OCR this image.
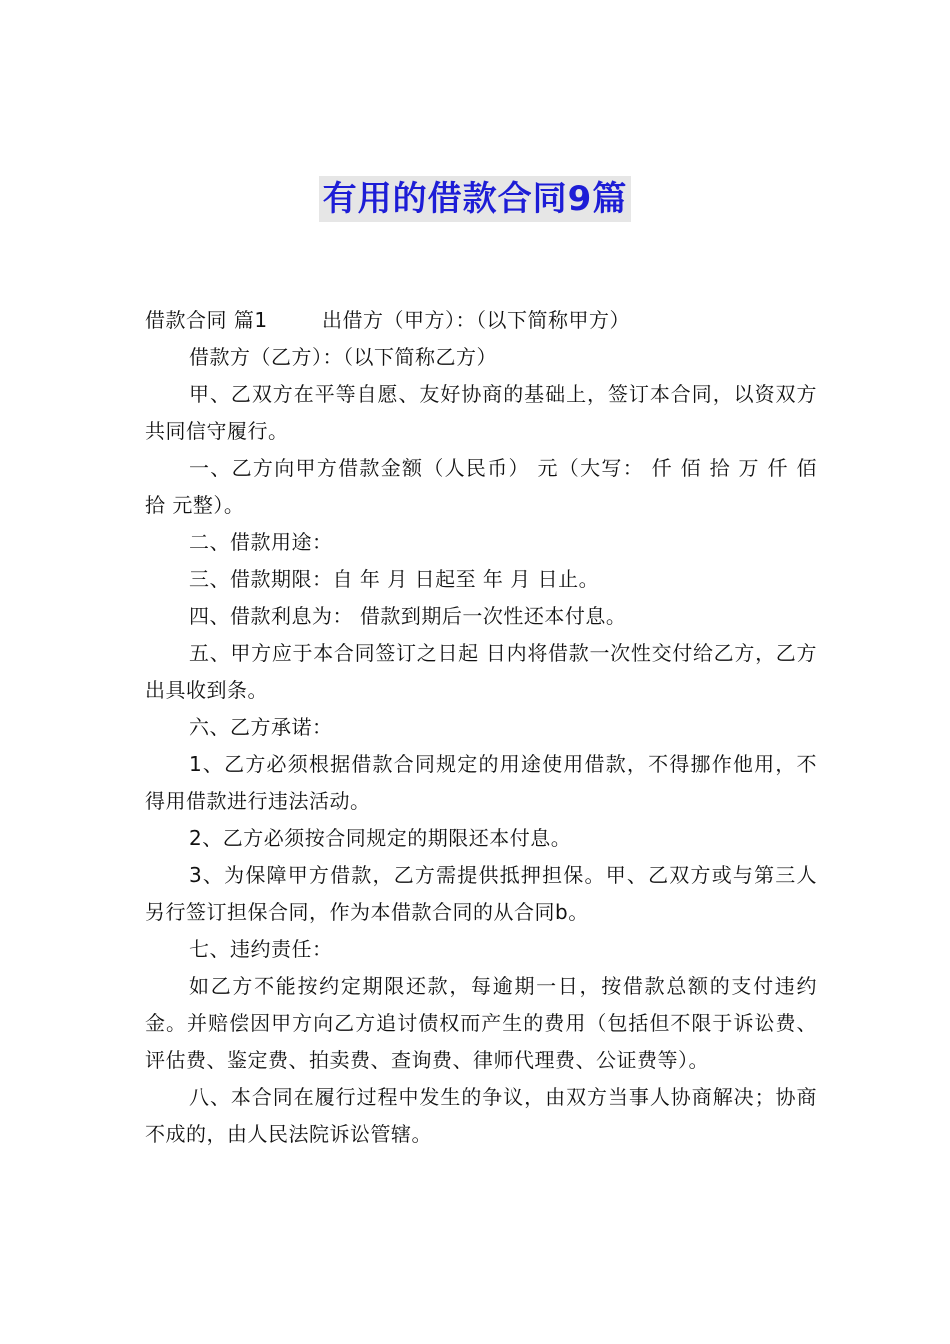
有用的借款合同9篇
借款合同 篇1	出借方（甲方）：（以下简称甲方）

借款方（乙方）：（以下简称乙方）

甲、乙双方在平等自愿、友好协商的基础上，签订本合同，以资双方共同信守履行。

一、乙方向甲方借款金额（人民币） 元（大写： 仟 佰 拾 万 仟 佰 拾 元整）。

二、借款用途：

三、借款期限：自 年 月 日起至 年 月 日止。

四、借款利息为： 借款到期后一次性还本付息。

五、甲方应于本合同签订之日起 日内将借款一次性交付给乙方，乙方出具收到条。

六、乙方承诺：

1、乙方必须根据借款合同规定的用途使用借款，不得挪作他用，不得用借款进行违法活动。

2、乙方必须按合同规定的期限还本付息。

3、为保障甲方借款，乙方需提供抵押担保。甲、乙双方或与第三人另行签订担保合同，作为本借款合同的从合同b。

七、违约责任：

如乙方不能按约定期限还款，每逾期一日，按借款总额的支付违约金。并赔偿因甲方向乙方追讨债权而产生的费用（包括但不限于诉讼费、评估费、鉴定费、拍卖费、查询费、律师代理费、公证费等）。

八、本合同在履行过程中发生的争议，由双方当事人协商解决；协商不成的，由人民法院诉讼管辖。
